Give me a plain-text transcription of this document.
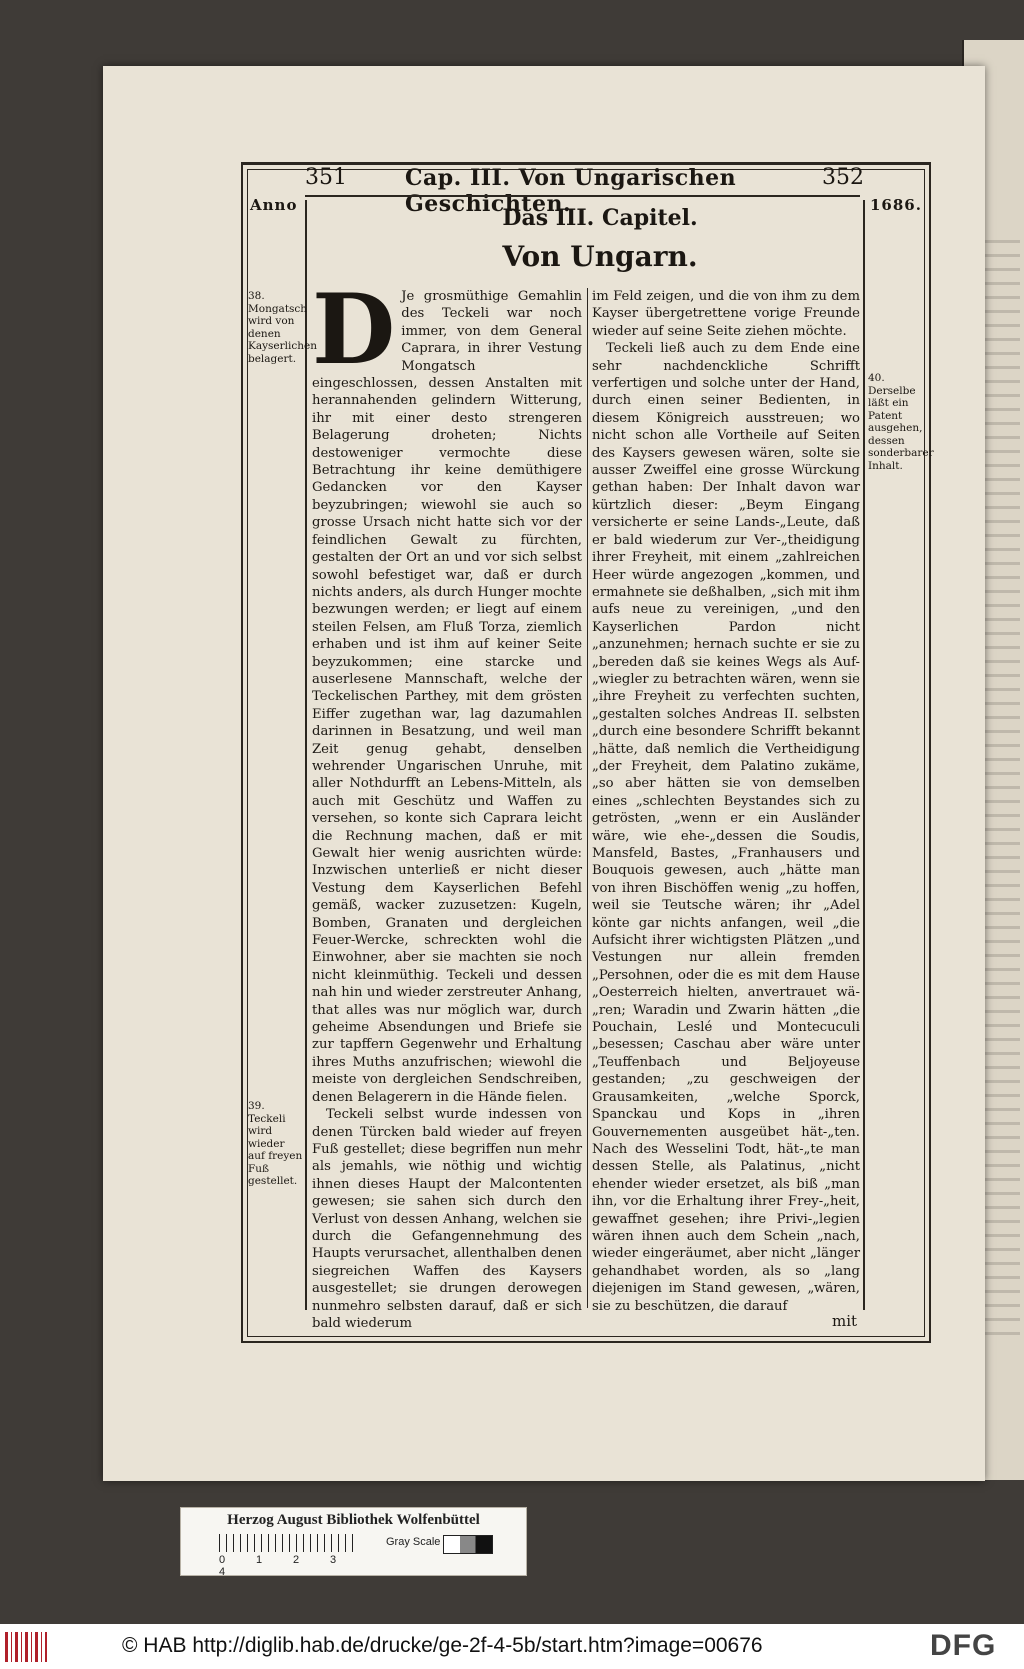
351	Cap. III. Von Ungarischen Geschichten.
352
Anno	1686.
Das III. Capitel.
Von Ungarn.
38. Mongatsch wird von denen Kayserlichen belagert.
39. Teckeli wird wieder auf freyen Fuß gestellet.
40. Derselbe läßt ein Patent ausgehen, dessen sonderbarer Inhalt.
D Je grosmüthige Gemahlin des Teckeli war noch immer, von dem General Caprara, in ihrer Vestung Mongatsch eingeschlossen, dessen Anstalten mit herannahenden gelindern Witterung, ihr mit einer desto strengeren Belagerung droheten; Nichts destoweniger vermochte diese Betrachtung ihr keine demüthigere Gedancken vor den Kayser beyzubringen; wiewohl sie auch so grosse Ursach nicht hatte sich vor der feindlichen Gewalt zu fürchten, gestalten der Ort an und vor sich selbst sowohl befestiget war, daß er durch nichts anders, als durch Hunger mochte bezwungen werden; er liegt auf einem steilen Felsen, am Fluß Torza, ziemlich erhaben und ist ihm auf keiner Seite beyzukommen; eine starcke und auserlesene Mannschaft, welche der Teckelischen Parthey, mit dem grösten Eiffer zugethan war, lag dazumahlen darinnen in Besatzung, und weil man Zeit genug gehabt, denselben wehrender Ungarischen Unruhe, mit aller Nothdurfft an Lebens-Mitteln, als auch mit Geschütz und Waffen zu versehen, so konte sich Caprara leicht die Rechnung machen, daß er mit Gewalt hier wenig ausrichten würde: Inzwischen unterließ er nicht dieser Vestung dem Kayserlichen Befehl gemäß, wacker zuzusetzen: Kugeln, Bomben, Granaten und dergleichen Feuer-Wercke, schreckten wohl die Einwohner, aber sie machten sie noch nicht kleinmüthig. Teckeli und dessen nah hin und wieder zerstreuter Anhang, that alles was nur möglich war, durch geheime Absendungen und Briefe sie zur tapffern Gegenwehr und Erhaltung ihres Muths anzufrischen; wiewohl die meiste von dergleichen Sendschreiben, denen Belagerern in die Hände fielen.

Teckeli selbst wurde indessen von denen Türcken bald wieder auf freyen Fuß gestellet; diese begriffen nun mehr als jemahls, wie nöthig und wichtig ihnen dieses Haupt der Malcontenten gewesen; sie sahen sich durch den Verlust von dessen Anhang, welchen sie durch die Gefangennehmung des Haupts verursachet, allenthalben denen siegreichen Waffen des Kaysers ausgestellet; sie drungen derowegen nunmehro selbsten darauf, daß er sich bald wiederum

im Feld zeigen, und die von ihm zu dem Kayser übergetrettene vorige Freunde wieder auf seine Seite ziehen möchte.

Teckeli ließ auch zu dem Ende eine sehr nachdenckliche Schrifft verfertigen und solche unter der Hand, durch einen seiner Bedienten, in diesem Königreich ausstreuen; wo nicht schon alle Vortheile auf Seiten des Kaysers gewesen wären, solte sie ausser Zweiffel eine grosse Würckung gethan haben: Der Inhalt davon war kürtzlich dieser: „Beym Eingang versicherte er seine Lands-„Leute, daß er bald wiederum zur Ver-„theidigung ihrer Freyheit, mit einem „zahlreichen Heer würde angezogen „kommen, und ermahnete sie deßhalben, „sich mit ihm aufs neue zu vereinigen, „und den Kayserlichen Pardon nicht „anzunehmen; hernach suchte er sie zu „bereden daß sie keines Wegs als Auf-„wiegler zu betrachten wären, wenn sie „ihre Freyheit zu verfechten suchten, „gestalten solches Andreas II. selbsten „durch eine besondere Schrifft bekannt „hätte, daß nemlich die Vertheidigung „der Freyheit, dem Palatino zukäme, „so aber hätten sie von demselben eines „schlechten Beystandes sich zu getrösten, „wenn er ein Ausländer wäre, wie ehe-„dessen die Soudis, Mansfeld, Bastes, „Franhausers und Bouquois gewesen, auch „hätte man von ihren Bischöffen wenig „zu hoffen, weil sie Teutsche wären; ihr „Adel könte gar nichts anfangen, weil „die Aufsicht ihrer wichtigsten Plätzen „und Vestungen nur allein fremden „Persohnen, oder die es mit dem Hause „Oesterreich hielten, anvertrauet wä-„ren; Waradin und Zwarin hätten „die Pouchain, Leslé und Montecuculi „besessen; Caschau aber wäre unter „Teuffenbach und Beljoyeuse gestanden; „zu geschweigen der Grausamkeiten, „welche Sporck, Spanckau und Kops in „ihren Gouvernementen ausgeübet hät-„ten. Nach des Wesselini Todt, hät-„te man dessen Stelle, als Palatinus, „nicht ehender wieder ersetzet, als biß „man ihn, vor die Erhaltung ihrer Frey-„heit, gewaffnet gesehen; ihre Privi-„legien wären ihnen auch dem Schein „nach, wieder eingeräumet, aber nicht „länger gehandhabet worden, als so „lang diejenigen im Stand gewesen, „wären, sie zu beschützen, die darauf

mit
Herzog August Bibliothek Wolfenbüttel
Gray Scale
0	1	2	34
© HAB http://diglib.hab.de/drucke/ge-2f-4-5b/start.htm?image=00676	DFG
